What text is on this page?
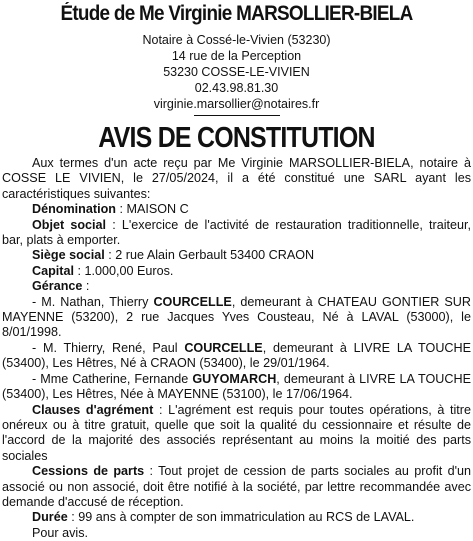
Étude de Me Virginie MARSOLLIER-BIELA
Notaire à Cossé-le-Vivien (53230)
14 rue de la Perception
53230 COSSE-LE-VIVIEN
02.43.98.81.30
virginie.marsollier@notaires.fr
AVIS DE CONSTITUTION

Aux termes d'un acte reçu par Me Virginie MARSOLLIER-BIELA, notaire à COSSE LE VIVIEN, le 27/05/2024, il a été constitué une SARL ayant les caractéristiques suivantes:

Dénomination : MAISON C

Objet social : L'exercice de l'activité de restauration traditionnelle, traiteur, bar, plats à emporter.

Siège social : 2 rue Alain Gerbault 53400 CRAON

Capital : 1.000,00 Euros.

Gérance :

- M. Nathan, Thierry COURCELLE, demeurant à CHATEAU GONTIER SUR MAYENNE (53200), 2 rue Jacques Yves Cousteau, Né à LAVAL (53000), le 8/01/1998.

- M. Thierry, René, Paul COURCELLE, demeurant à LIVRE LA TOUCHE (53400), Les Hêtres, Né à CRAON (53400), le 29/01/1964.

- Mme Catherine, Fernande GUYOMARCH, demeurant à LIVRE LA TOUCHE (53400), Les Hêtres, Née à MAYENNE (53100), le 17/06/1964.

Clauses d'agrément : L'agrément est requis pour toutes opérations, à titre onéreux ou à titre gratuit, quelle que soit la qualité du cessionnaire et résulte de l'accord de la majorité des associés représentant au moins la moitié des parts sociales

Cessions de parts : Tout projet de cession de parts sociales au profit d'un associé ou non associé, doit être notifié à la société, par lettre recommandée avec demande d'accusé de réception.

Durée : 99 ans à compter de son immatriculation au RCS de LAVAL.

Pour avis.
